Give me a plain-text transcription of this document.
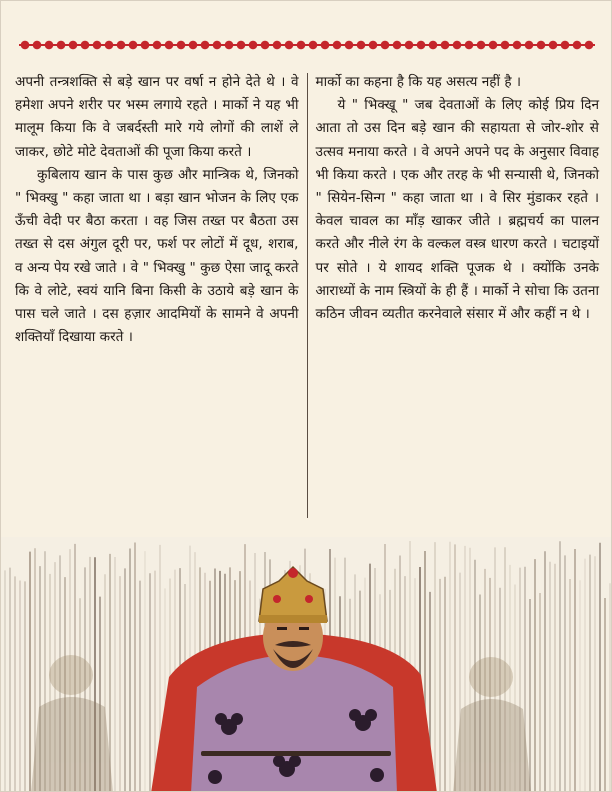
अपनी तन्त्रशक्ति से बड़े खान पर वर्षा न होने देते थे । वे हमेशा अपने शरीर पर भस्म लगाये रहते । मार्को ने यह भी मालूम किया कि वे जबर्दस्ती मारे गये लोगों की लाशें ले जाकर, छोटे मोटे देवताओं की पूजा किया करते ।

कुबिलाय खान के पास कुछ और मान्त्रिक थे, जिनको " भिक्खु " कहा जाता था । बड़ा खान भोजन के लिए एक ऊँची वेदी पर बैठा करता । वह जिस तख्त पर बैठता उस तख्त से दस अंगुल दूरी पर, फर्श पर लोटों में दूध, शराब, व अन्य पेय रखे जाते । वे " भिक्खु " कुछ ऐसा जादू करते कि वे लोटे, स्वयं यानि बिना किसी के उठाये बड़े खान के पास चले जाते । दस हज़ार आदमियों के सामने वे अपनी शक्तियाँ दिखाया करते ।

मार्को का कहना है कि यह असत्य नहीं है ।

ये " भिक्खू " जब देवताओं के लिए कोई प्रिय दिन आता तो उस दिन बड़े खान की सहायता से जोर-शोर से उत्सव मनाया करते । वे अपने अपने पद के अनुसार विवाह भी किया करते । एक और तरह के भी सन्यासी थे, जिनको " सियेन-सिन्ग " कहा जाता था । वे सिर मुंडाकर रहते । केवल चावल का माँड़ खाकर जीते । ब्रह्मचर्य का पालन करते और नीले रंग के वल्कल वस्त्र धारण करते । चटाइयों पर सोते । ये शायद शक्ति पूजक थे । क्योंकि उनके आराध्यों के नाम स्त्रियों के ही हैं । मार्को ने सोचा कि उतना कठिन जीवन व्यतीत करनेवाले संसार में और कहीं न थे ।
